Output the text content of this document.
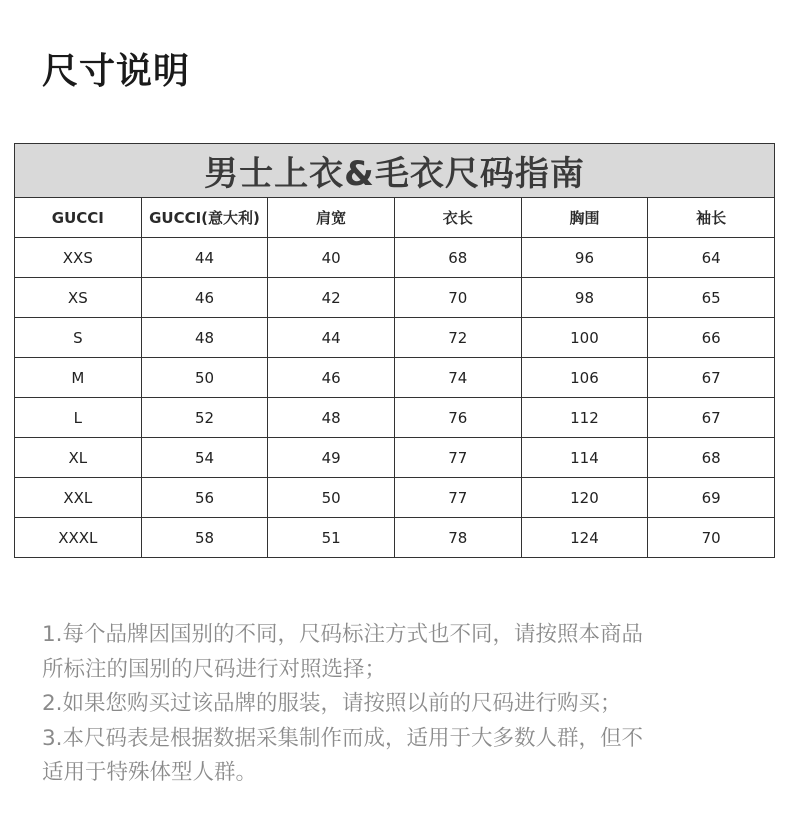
尺寸说明
男士上衣&毛衣尺码指南					
GUCCI	GUCCI(意大利)	肩宽	衣长	胸围	袖长
XXS	44	40	68	96	64
XS	46	42	70	98	65
S	48	44	72	100	66
M	50	46	74	106	67
L	52	48	76	112	67
XL	54	49	77	114	68
XXL	56	50	77	120	69
XXXL	58	51	78	124	70
1.每个品牌因国别的不同，尺码标注方式也不同，请按照本商品
所标注的国别的尺码进行对照选择；
2.如果您购买过该品牌的服装，请按照以前的尺码进行购买；
3.本尺码表是根据数据采集制作而成，适用于大多数人群，但不
适用于特殊体型人群。
